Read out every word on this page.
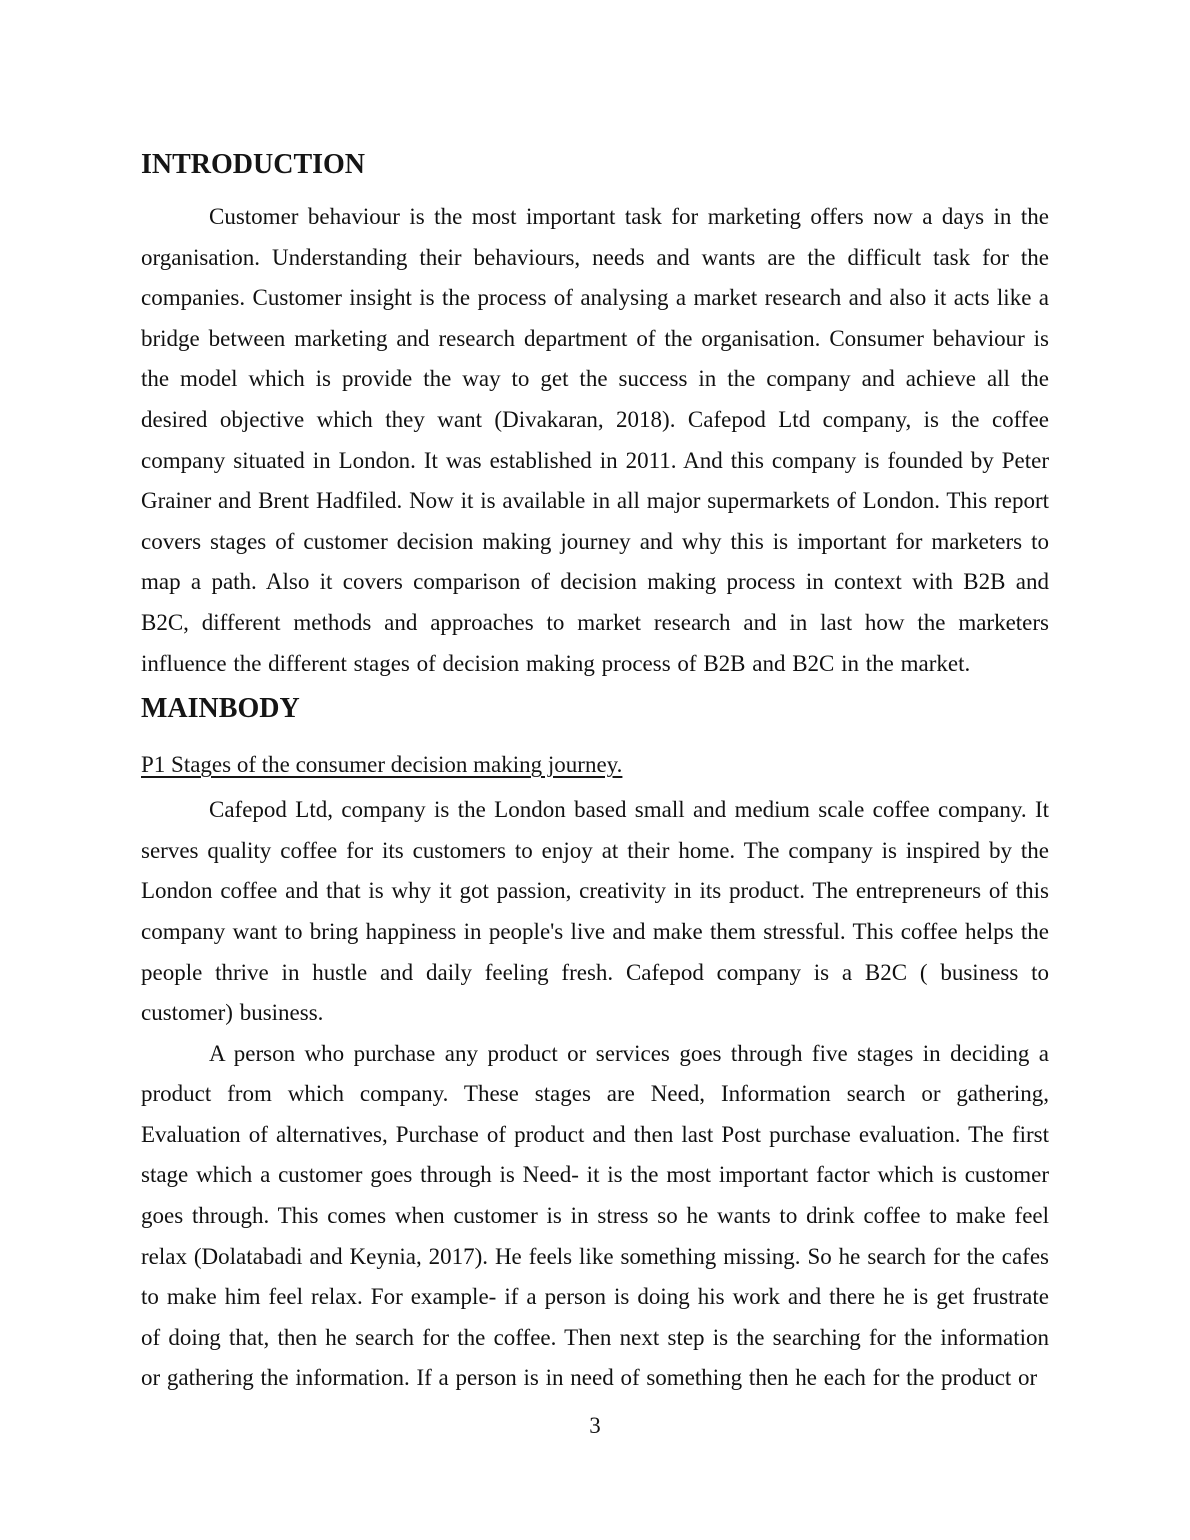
INTRODUCTION

Customer behaviour is the most important task for marketing offers now a days in the organisation. Understanding their behaviours, needs and wants are the difficult task for the companies. Customer insight is the process of analysing a market research and also it acts like a bridge between marketing and research department of the organisation. Consumer behaviour is the model which is provide the way to get the success in the company and achieve all the desired objective which they want (Divakaran, 2018). Cafepod Ltd company, is the coffee company situated in London. It was established in 2011. And this company is founded by Peter Grainer and Brent Hadfiled. Now it is available in all major supermarkets of London. This report covers stages of customer decision making journey and why this is important for marketers to map a path. Also it covers comparison of decision making process in context with B2B and B2C, different methods and approaches to market research and in last how the marketers influence the different stages of decision making process of B2B and B2C in the market.

MAINBODY
P1 Stages of the consumer decision making journey.

Cafepod Ltd, company is the London based small and medium scale coffee company. It serves quality coffee for its customers to enjoy at their home. The company is inspired by the London coffee and that is why it got passion, creativity in its product. The entrepreneurs of this company want to bring happiness in people's live and make them stressful. This coffee helps the people thrive in hustle and daily feeling fresh. Cafepod company is a B2C ( business to customer) business.

A person who purchase any product or services goes through five stages in deciding a product from which company. These stages are Need, Information search or gathering, Evaluation of alternatives, Purchase of product and then last Post purchase evaluation. The first stage which a customer goes through is Need- it is the most important factor which is customer goes through. This comes when customer is in stress so he wants to drink coffee to make feel relax (Dolatabadi and Keynia, 2017). He feels like something missing. So he search for the cafes to make him feel relax. For example- if a person is doing his work and there he is get frustrate of doing that, then he search for the coffee. Then next step is the searching for the information or gathering the information. If a person is in need of something then he each for the product or

3
